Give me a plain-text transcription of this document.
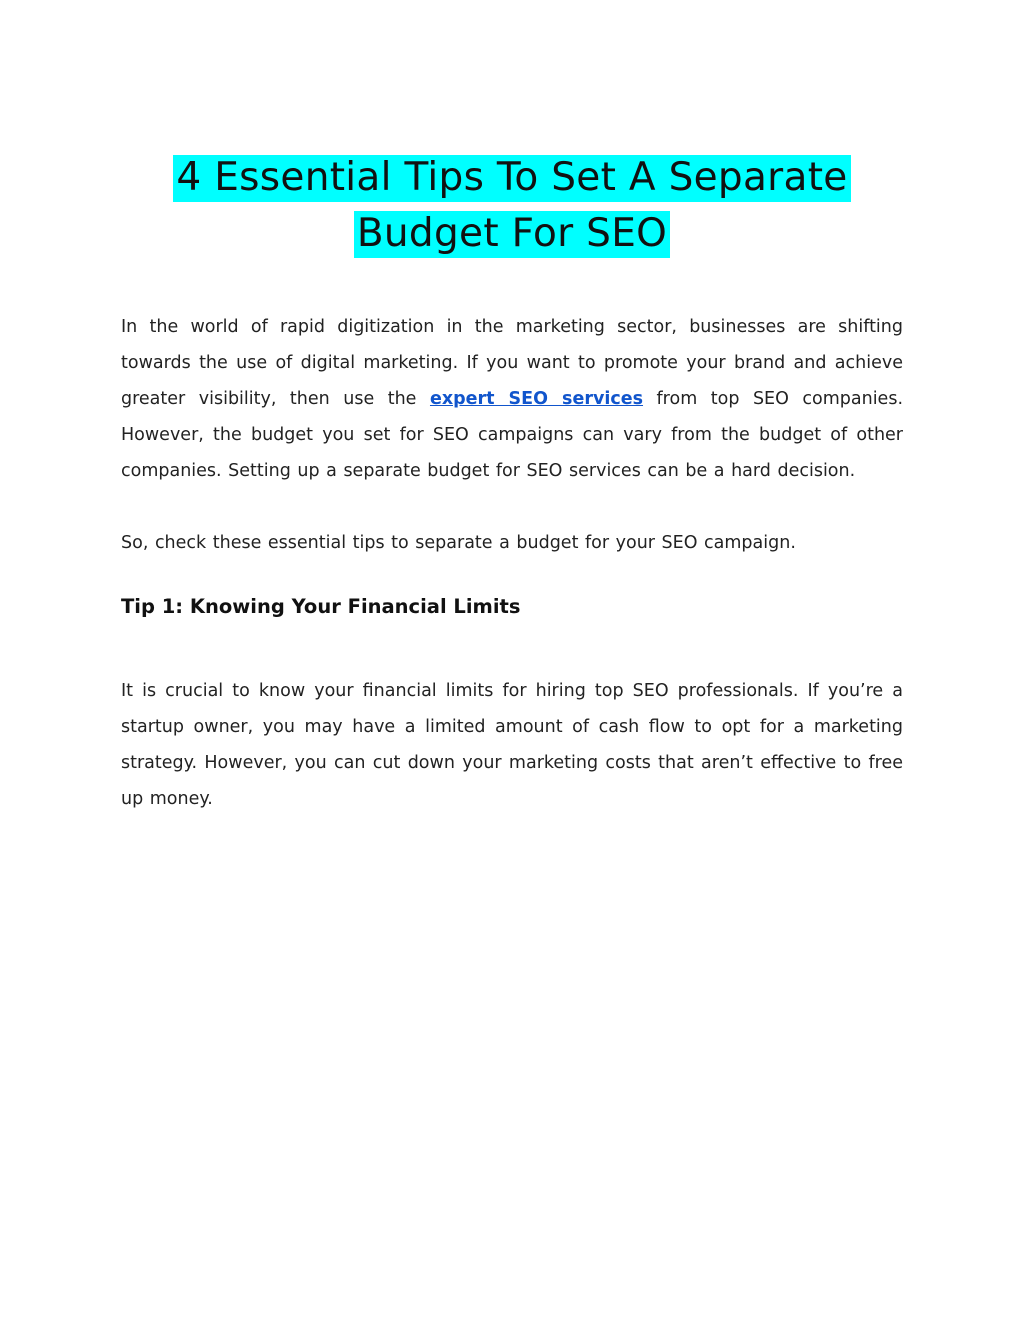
4 Essential Tips To Set A Separate
Budget For SEO

In the world of rapid digitization in the marketing sector, businesses are shifting towards the use of digital marketing. If you want to promote your brand and achieve greater visibility, then use the expert SEO services from top SEO companies. However, the budget you set for SEO campaigns can vary from the budget of other companies. Setting up a separate budget for SEO services can be a hard decision.

So, check these essential tips to separate a budget for your SEO campaign.

Tip 1: Knowing Your Financial Limits

It is crucial to know your financial limits for hiring top SEO professionals. If you’re a startup owner, you may have a limited amount of cash flow to opt for a marketing strategy. However, you can cut down your marketing costs that aren’t effective to free up money.
